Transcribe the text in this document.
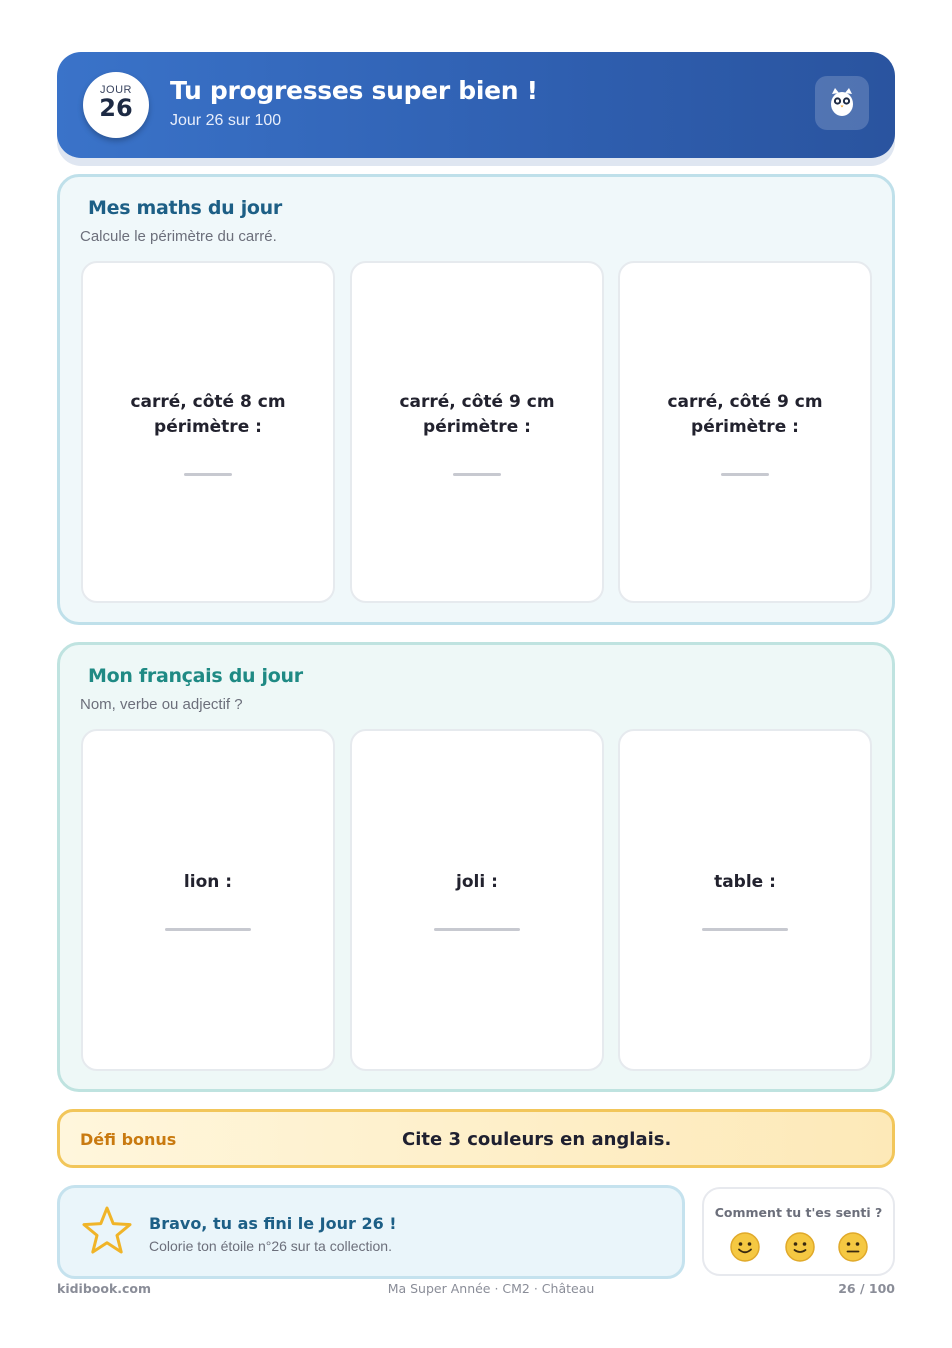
JOUR
26
Tu progresses super bien !
Jour 26 sur 100
Mes maths du jour
Calcule le périmètre du carré.
carré, côté 8 cm
périmètre :
carré, côté 9 cm
périmètre :
carré, côté 9 cm
périmètre :
Mon français du jour
Nom, verbe ou adjectif ?
lion :	joli :	table :
Défi bonus	Cite 3 couleurs en anglais.
Bravo, tu as fini le Jour 26 !
Colorie ton étoile n°26 sur ta collection.
Comment tu t'es senti ?
kidibook.com	Ma Super Année · CM2 · Château	26 / 100
